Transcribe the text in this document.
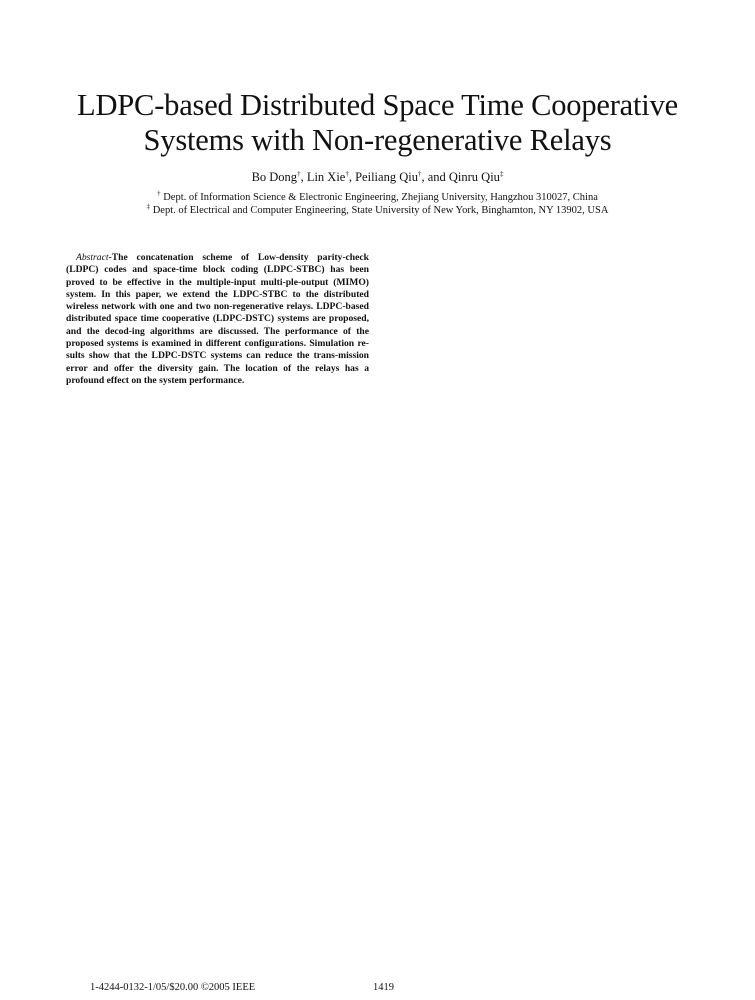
LDPC-based Distributed Space Time Cooperative
Systems with Non-regenerative Relays
Bo Dong†, Lin Xie†, Peiliang Qiu†, and Qinru Qiu‡
† Dept. of Information Science & Electronic Engineering, Zhejiang University, Hangzhou 310027, China
‡ Dept. of Electrical and Computer Engineering, State University of New York, Binghamton, NY 13902, USA
Abstract-The concatenation scheme of Low-density parity-check (LDPC) codes and space-time block coding (LDPC-STBC) has been proved to be effective in the multiple-input multi-ple-output (MIMO) system. In this paper, we extend the LDPC-STBC to the distributed wireless network with one and two non-regenerative relays. LDPC-based distributed space time cooperative (LDPC-DSTC) systems are proposed, and the decod-ing algorithms are discussed. The performance of the proposed systems is examined in different configurations. Simulation re-sults show that the LDPC-DSTC systems can reduce the trans-mission error and offer the diversity gain. The location of the relays has a profound effect on the system performance.
1-4244-0132-1/05/$20.00 ©2005 IEEE	1419
